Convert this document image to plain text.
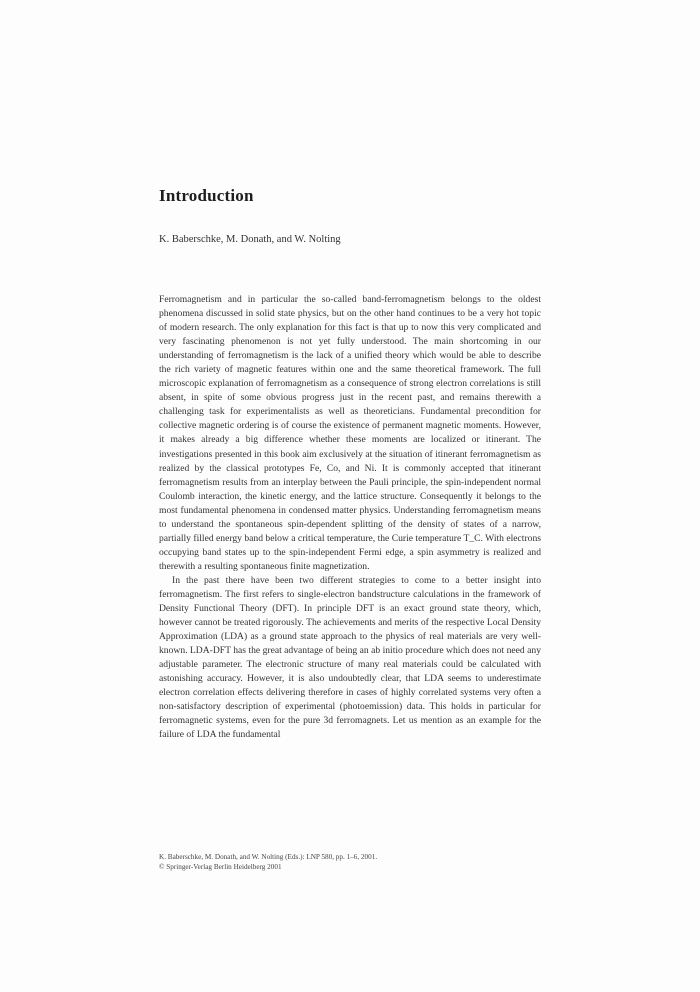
Introduction
K. Baberschke, M. Donath, and W. Nolting

Ferromagnetism and in particular the so-called band-ferromagnetism belongs to the oldest phenomena discussed in solid state physics, but on the other hand continues to be a very hot topic of modern research. The only explanation for this fact is that up to now this very complicated and very fascinating phenomenon is not yet fully understood. The main shortcoming in our understanding of ferromagnetism is the lack of a unified theory which would be able to describe the rich variety of magnetic features within one and the same theoretical framework. The full microscopic explanation of ferromagnetism as a consequence of strong electron correlations is still absent, in spite of some obvious progress just in the recent past, and remains therewith a challenging task for experimentalists as well as theoreticians. Fundamental precondition for collective magnetic ordering is of course the existence of permanent magnetic moments. However, it makes already a big difference whether these moments are localized or itinerant. The investigations presented in this book aim exclusively at the situation of itinerant ferromagnetism as realized by the classical prototypes Fe, Co, and Ni. It is commonly accepted that itinerant ferromagnetism results from an interplay between the Pauli principle, the spin-independent normal Coulomb interaction, the kinetic energy, and the lattice structure. Consequently it belongs to the most fundamental phenomena in condensed matter physics. Understanding ferromagnetism means to understand the spontaneous spin-dependent splitting of the density of states of a narrow, partially filled energy band below a critical temperature, the Curie temperature T_C. With electrons occupying band states up to the spin-independent Fermi edge, a spin asymmetry is realized and therewith a resulting spontaneous finite magnetization.

In the past there have been two different strategies to come to a better insight into ferromagnetism. The first refers to single-electron bandstructure calculations in the framework of Density Functional Theory (DFT). In principle DFT is an exact ground state theory, which, however cannot be treated rigorously. The achievements and merits of the respective Local Density Approximation (LDA) as a ground state approach to the physics of real materials are very well-known. LDA-DFT has the great advantage of being an ab initio procedure which does not need any adjustable parameter. The electronic structure of many real materials could be calculated with astonishing accuracy. However, it is also undoubtedly clear, that LDA seems to underestimate electron correlation effects delivering therefore in cases of highly correlated systems very often a non-satisfactory description of experimental (photoemission) data. This holds in particular for ferromagnetic systems, even for the pure 3d ferromagnets. Let us mention as an example for the failure of LDA the fundamental

K. Baberschke, M. Donath, and W. Nolting (Eds.): LNP 580, pp. 1–6, 2001.
© Springer-Verlag Berlin Heidelberg 2001
